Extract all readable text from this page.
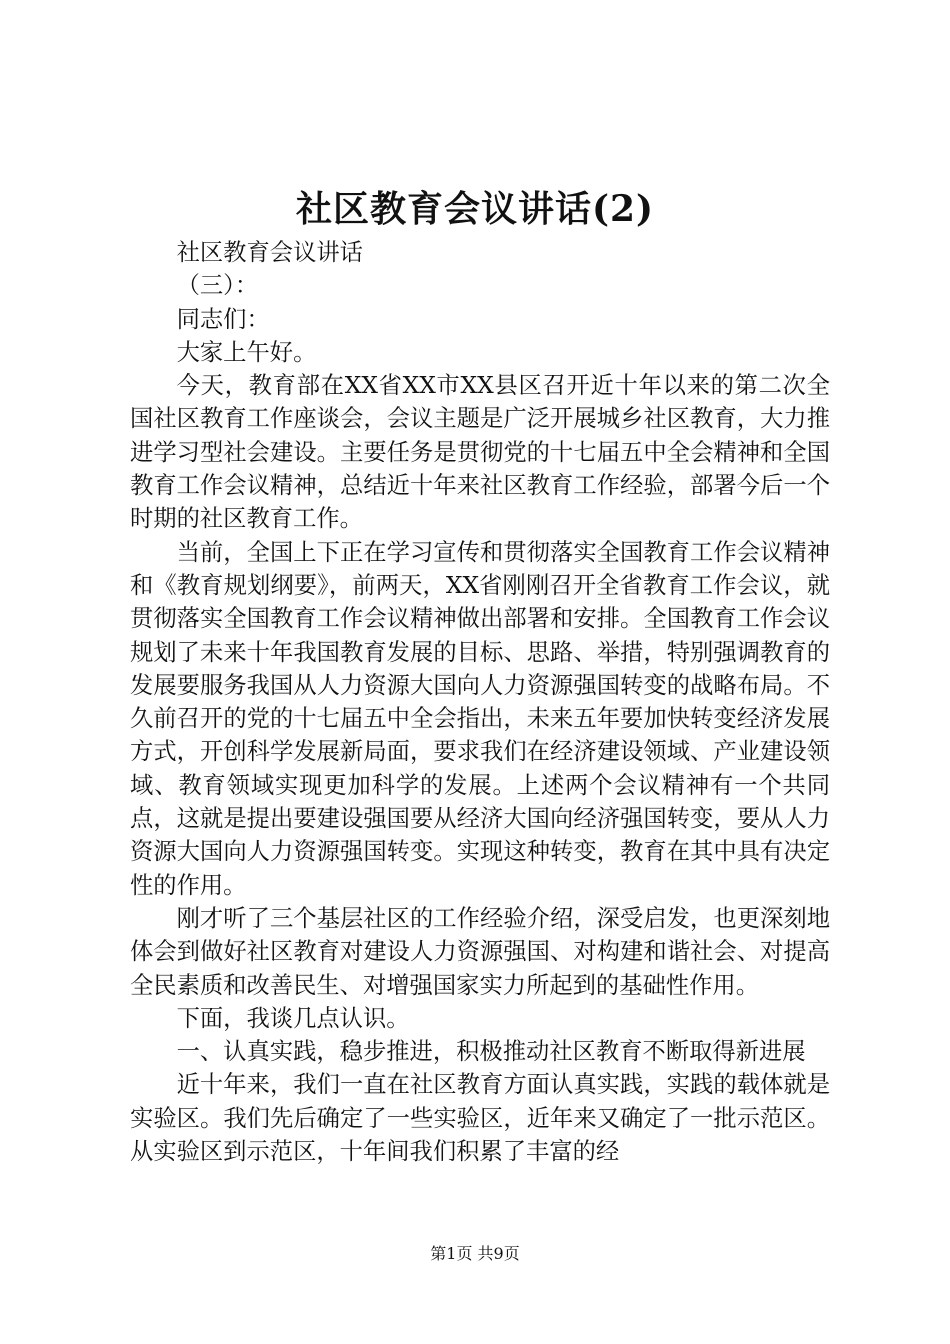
社区教育会议讲话(2)

社区教育会议讲话

（三）：

同志们：

大家上午好。

今天，教育部在XX省XX市XX县区召开近十年以来的第二次全国社区教育工作座谈会，会议主题是广泛开展城乡社区教育，大力推进学习型社会建设。主要任务是贯彻党的十七届五中全会精神和全国教育工作会议精神，总结近十年来社区教育工作经验，部署今后一个时期的社区教育工作。

当前，全国上下正在学习宣传和贯彻落实全国教育工作会议精神和《教育规划纲要》，前两天，XX省刚刚召开全省教育工作会议，就贯彻落实全国教育工作会议精神做出部署和安排。全国教育工作会议规划了未来十年我国教育发展的目标、思路、举措，特别强调教育的发展要服务我国从人力资源大国向人力资源强国转变的战略布局。不久前召开的党的十七届五中全会指出，未来五年要加快转变经济发展方式，开创科学发展新局面，要求我们在经济建设领域、产业建设领域、教育领域实现更加科学的发展。上述两个会议精神有一个共同点，这就是提出要建设强国要从经济大国向经济强国转变，要从人力资源大国向人力资源强国转变。实现这种转变，教育在其中具有决定性的作用。

刚才听了三个基层社区的工作经验介绍，深受启发，也更深刻地体会到做好社区教育对建设人力资源强国、对构建和谐社会、对提高全民素质和改善民生、对增强国家实力所起到的基础性作用。

下面，我谈几点认识。

一、认真实践，稳步推进，积极推动社区教育不断取得新进展

近十年来，我们一直在社区教育方面认真实践，实践的载体就是实验区。我们先后确定了一些实验区，近年来又确定了一批示范区。从实验区到示范区，十年间我们积累了丰富的经

第1页 共9页
